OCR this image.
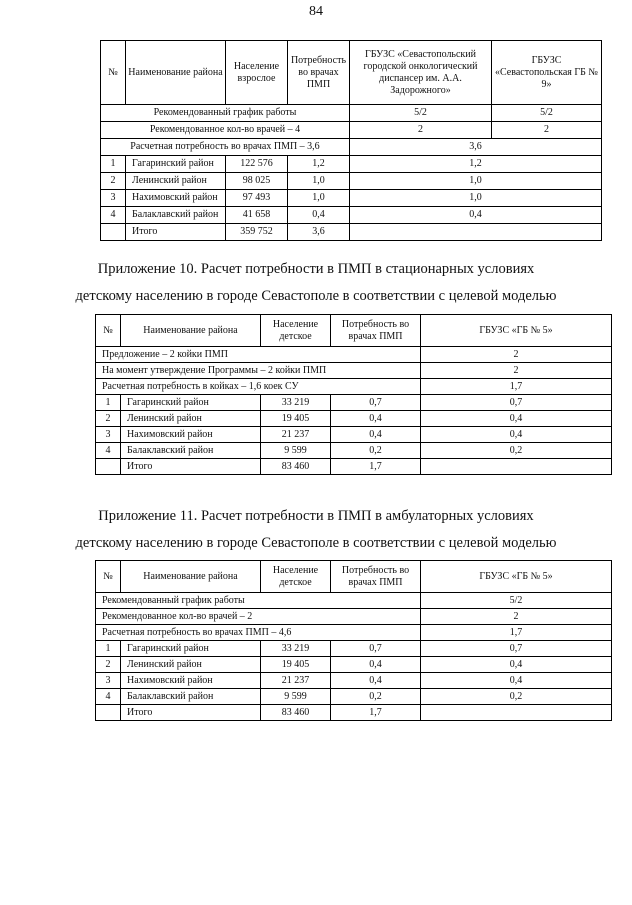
84
№	Наименование района	Население взрослое	Потребность во врачах ПМП	ГБУЗС «Севастопольский городской онкологический диспансер им. А.А. Задорожного»	ГБУЗС «Севастопольская ГБ № 9»
Рекомендованный график работы				5/2	5/2
Рекомендованное кол-во врачей – 4				2	2
Расчетная потребность во врачах ПМП – 3,6				3,6	
1	Гагаринский район	122 576	1,2	1,2	
2	Ленинский район	98 025	1,0	1,0	
3	Нахимовский район	97 493	1,0	1,0	
4	Балаклавский район	41 658	0,4	0,4	
	Итого	359 752	3,6		
Приложение 10. Расчет потребности в ПМП в стационарных условиях
детскому населению в городе Севастополе в соответствии с целевой моделью
№	Наименование района	Население детское	Потребность во врачах ПМП	ГБУЗС «ГБ № 5»
Предложение – 2 койки ПМП				2
На момент утверждение Программы – 2 койки ПМП				2
Расчетная потребность в койках – 1,6 коек СУ				1,7
1	Гагаринский район	33 219	0,7	0,7
2	Ленинский район	19 405	0,4	0,4
3	Нахимовский район	21 237	0,4	0,4
4	Балаклавский район	9 599	0,2	0,2
	Итого	83 460	1,7	
Приложение 11. Расчет потребности в ПМП в амбулаторных условиях
детскому населению в городе Севастополе в соответствии с целевой моделью
№	Наименование района	Население детское	Потребность во врачах ПМП	ГБУЗС «ГБ № 5»
Рекомендованный график работы				5/2
Рекомендованное кол-во врачей – 2				2
Расчетная потребность во врачах ПМП – 4,6				1,7
1	Гагаринский район	33 219	0,7	0,7
2	Ленинский район	19 405	0,4	0,4
3	Нахимовский район	21 237	0,4	0,4
4	Балаклавский район	9 599	0,2	0,2
	Итого	83 460	1,7	
